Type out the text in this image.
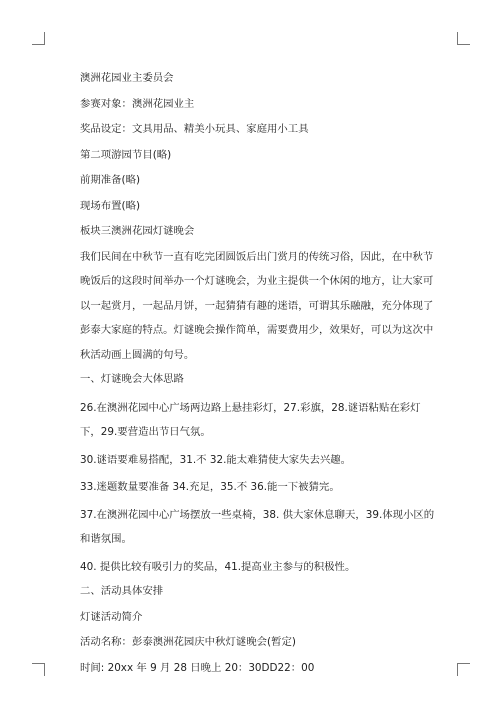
澳洲花园业主委员会
参赛对象：澳洲花园业主
奖品设定：文具用品、精美小玩具、家庭用小工具
第二项游园节目(略)
前期准备(略)
现场布置(略)
板块三澳洲花园灯谜晚会

我们民间在中秋节一直有吃完团圆饭后出门赏月的传统习俗，因此，在中秋节晚饭后的这段时间举办一个灯谜晚会，为业主提供一个休闲的地方，让大家可以一起赏月，一起品月饼，一起猜猜有趣的迷语，可谓其乐融融，充分体现了彭泰大家庭的特点。灯谜晚会操作简单，需要费用少，效果好，可以为这次中秋活动画上圆满的句号。

一、灯谜晚会大体思路

26.在澳洲花园中心广场两边路上悬挂彩灯，27.彩旗，28.谜语粘贴在彩灯下，29.要营造出节日气氛。

30.谜语要难易搭配，31.不 32.能太难猜使大家失去兴趣。

33.迷题数量要准备 34.充足，35.不 36.能一下被猜完。

37.在澳洲花园中心广场摆放一些桌椅，38. 供大家休息聊天，39.体现小区的和谐氛围。

40. 提供比较有吸引力的奖品，41.提高业主参与的积极性。

二、活动具体安排
灯谜活动简介
活动名称：彭泰澳洲花园庆中秋灯谜晚会(暂定)
时间: 20xx 年 9 月 28 日晚上 20：30DD22：00
